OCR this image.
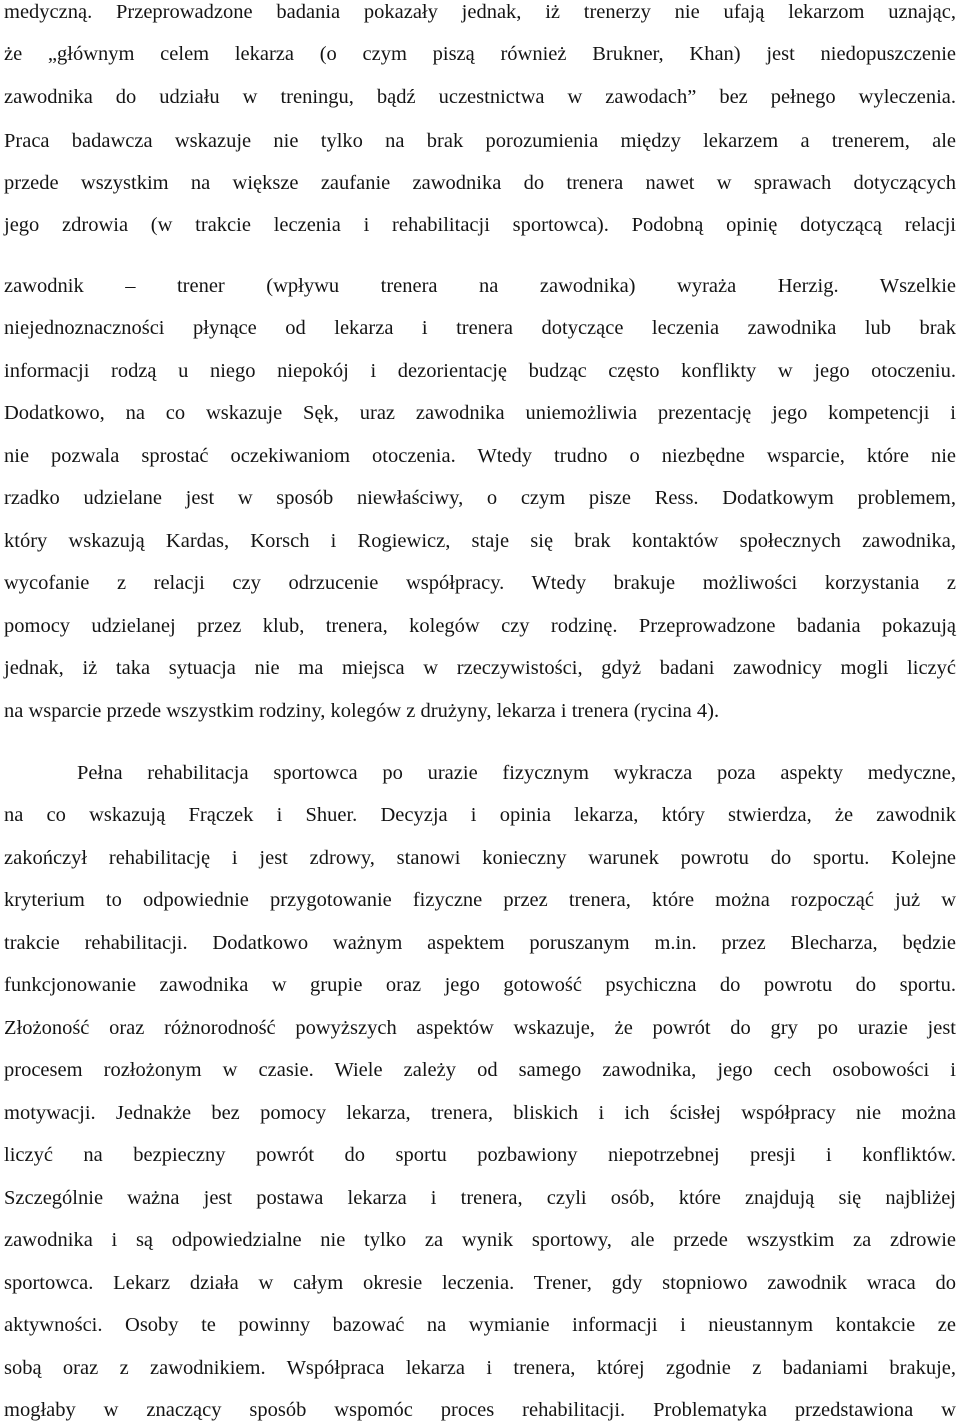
medyczną. Przeprowadzone badania pokazały jednak, iż trenerzy nie ufają lekarzom uznając,
że „głównym celem lekarza (o czym piszą również Brukner, Khan) jest niedopuszczenie
zawodnika do udziału w treningu, bądź uczestnictwa w zawodach” bez pełnego wyleczenia.
Praca badawcza wskazuje nie tylko na brak porozumienia między lekarzem a trenerem, ale
przede wszystkim na większe zaufanie zawodnika do trenera nawet w sprawach dotyczących
jego zdrowia (w trakcie leczenia i rehabilitacji sportowca). Podobną opinię dotyczącą relacji
zawodnik – trener (wpływu trenera na zawodnika) wyraża Herzig. Wszelkie
niejednoznaczności płynące od lekarza i trenera dotyczące leczenia zawodnika lub brak
informacji rodzą u niego niepokój i dezorientację budząc często konflikty w jego otoczeniu.
Dodatkowo, na co wskazuje Sęk, uraz zawodnika uniemożliwia prezentację jego kompetencji i
nie pozwala sprostać oczekiwaniom otoczenia. Wtedy trudno o niezbędne wsparcie, które nie
rzadko udzielane jest w sposób niewłaściwy, o czym pisze Ress. Dodatkowym problemem,
który wskazują Kardas, Korsch i Rogiewicz, staje się brak kontaktów społecznych zawodnika,
wycofanie z relacji czy odrzucenie współpracy. Wtedy brakuje możliwości korzystania z
pomocy udzielanej przez klub, trenera, kolegów czy rodzinę. Przeprowadzone badania pokazują
jednak, iż taka sytuacja nie ma miejsca w rzeczywistości, gdyż badani zawodnicy mogli liczyć
na wsparcie przede wszystkim rodziny, kolegów z drużyny, lekarza i trenera (rycina 4).
Pełna rehabilitacja sportowca po urazie fizycznym wykracza poza aspekty medyczne,
na co wskazują Frączek i Shuer. Decyzja i opinia lekarza, który stwierdza, że zawodnik
zakończył rehabilitację i jest zdrowy, stanowi konieczny warunek powrotu do sportu. Kolejne
kryterium to odpowiednie przygotowanie fizyczne przez trenera, które można rozpocząć już w
trakcie rehabilitacji. Dodatkowo ważnym aspektem poruszanym m.in. przez Blecharza, będzie
funkcjonowanie zawodnika w grupie oraz jego gotowość psychiczna do powrotu do sportu.
Złożoność oraz różnorodność powyższych aspektów wskazuje, że powrót do gry po urazie jest
procesem rozłożonym w czasie. Wiele zależy od samego zawodnika, jego cech osobowości i
motywacji. Jednakże bez pomocy lekarza, trenera, bliskich i ich ścisłej współpracy nie można
liczyć na bezpieczny powrót do sportu pozbawiony niepotrzebnej presji i konfliktów.
Szczególnie ważna jest postawa lekarza i trenera, czyli osób, które znajdują się najbliżej
zawodnika i są odpowiedzialne nie tylko za wynik sportowy, ale przede wszystkim za zdrowie
sportowca. Lekarz działa w całym okresie leczenia. Trener, gdy stopniowo zawodnik wraca do
aktywności. Osoby te powinny bazować na wymianie informacji i nieustannym kontakcie ze
sobą oraz z zawodnikiem. Współpraca lekarza i trenera, której zgodnie z badaniami brakuje,
mogłaby w znaczący sposób wspomóc proces rehabilitacji. Problematyka przedstawiona w
